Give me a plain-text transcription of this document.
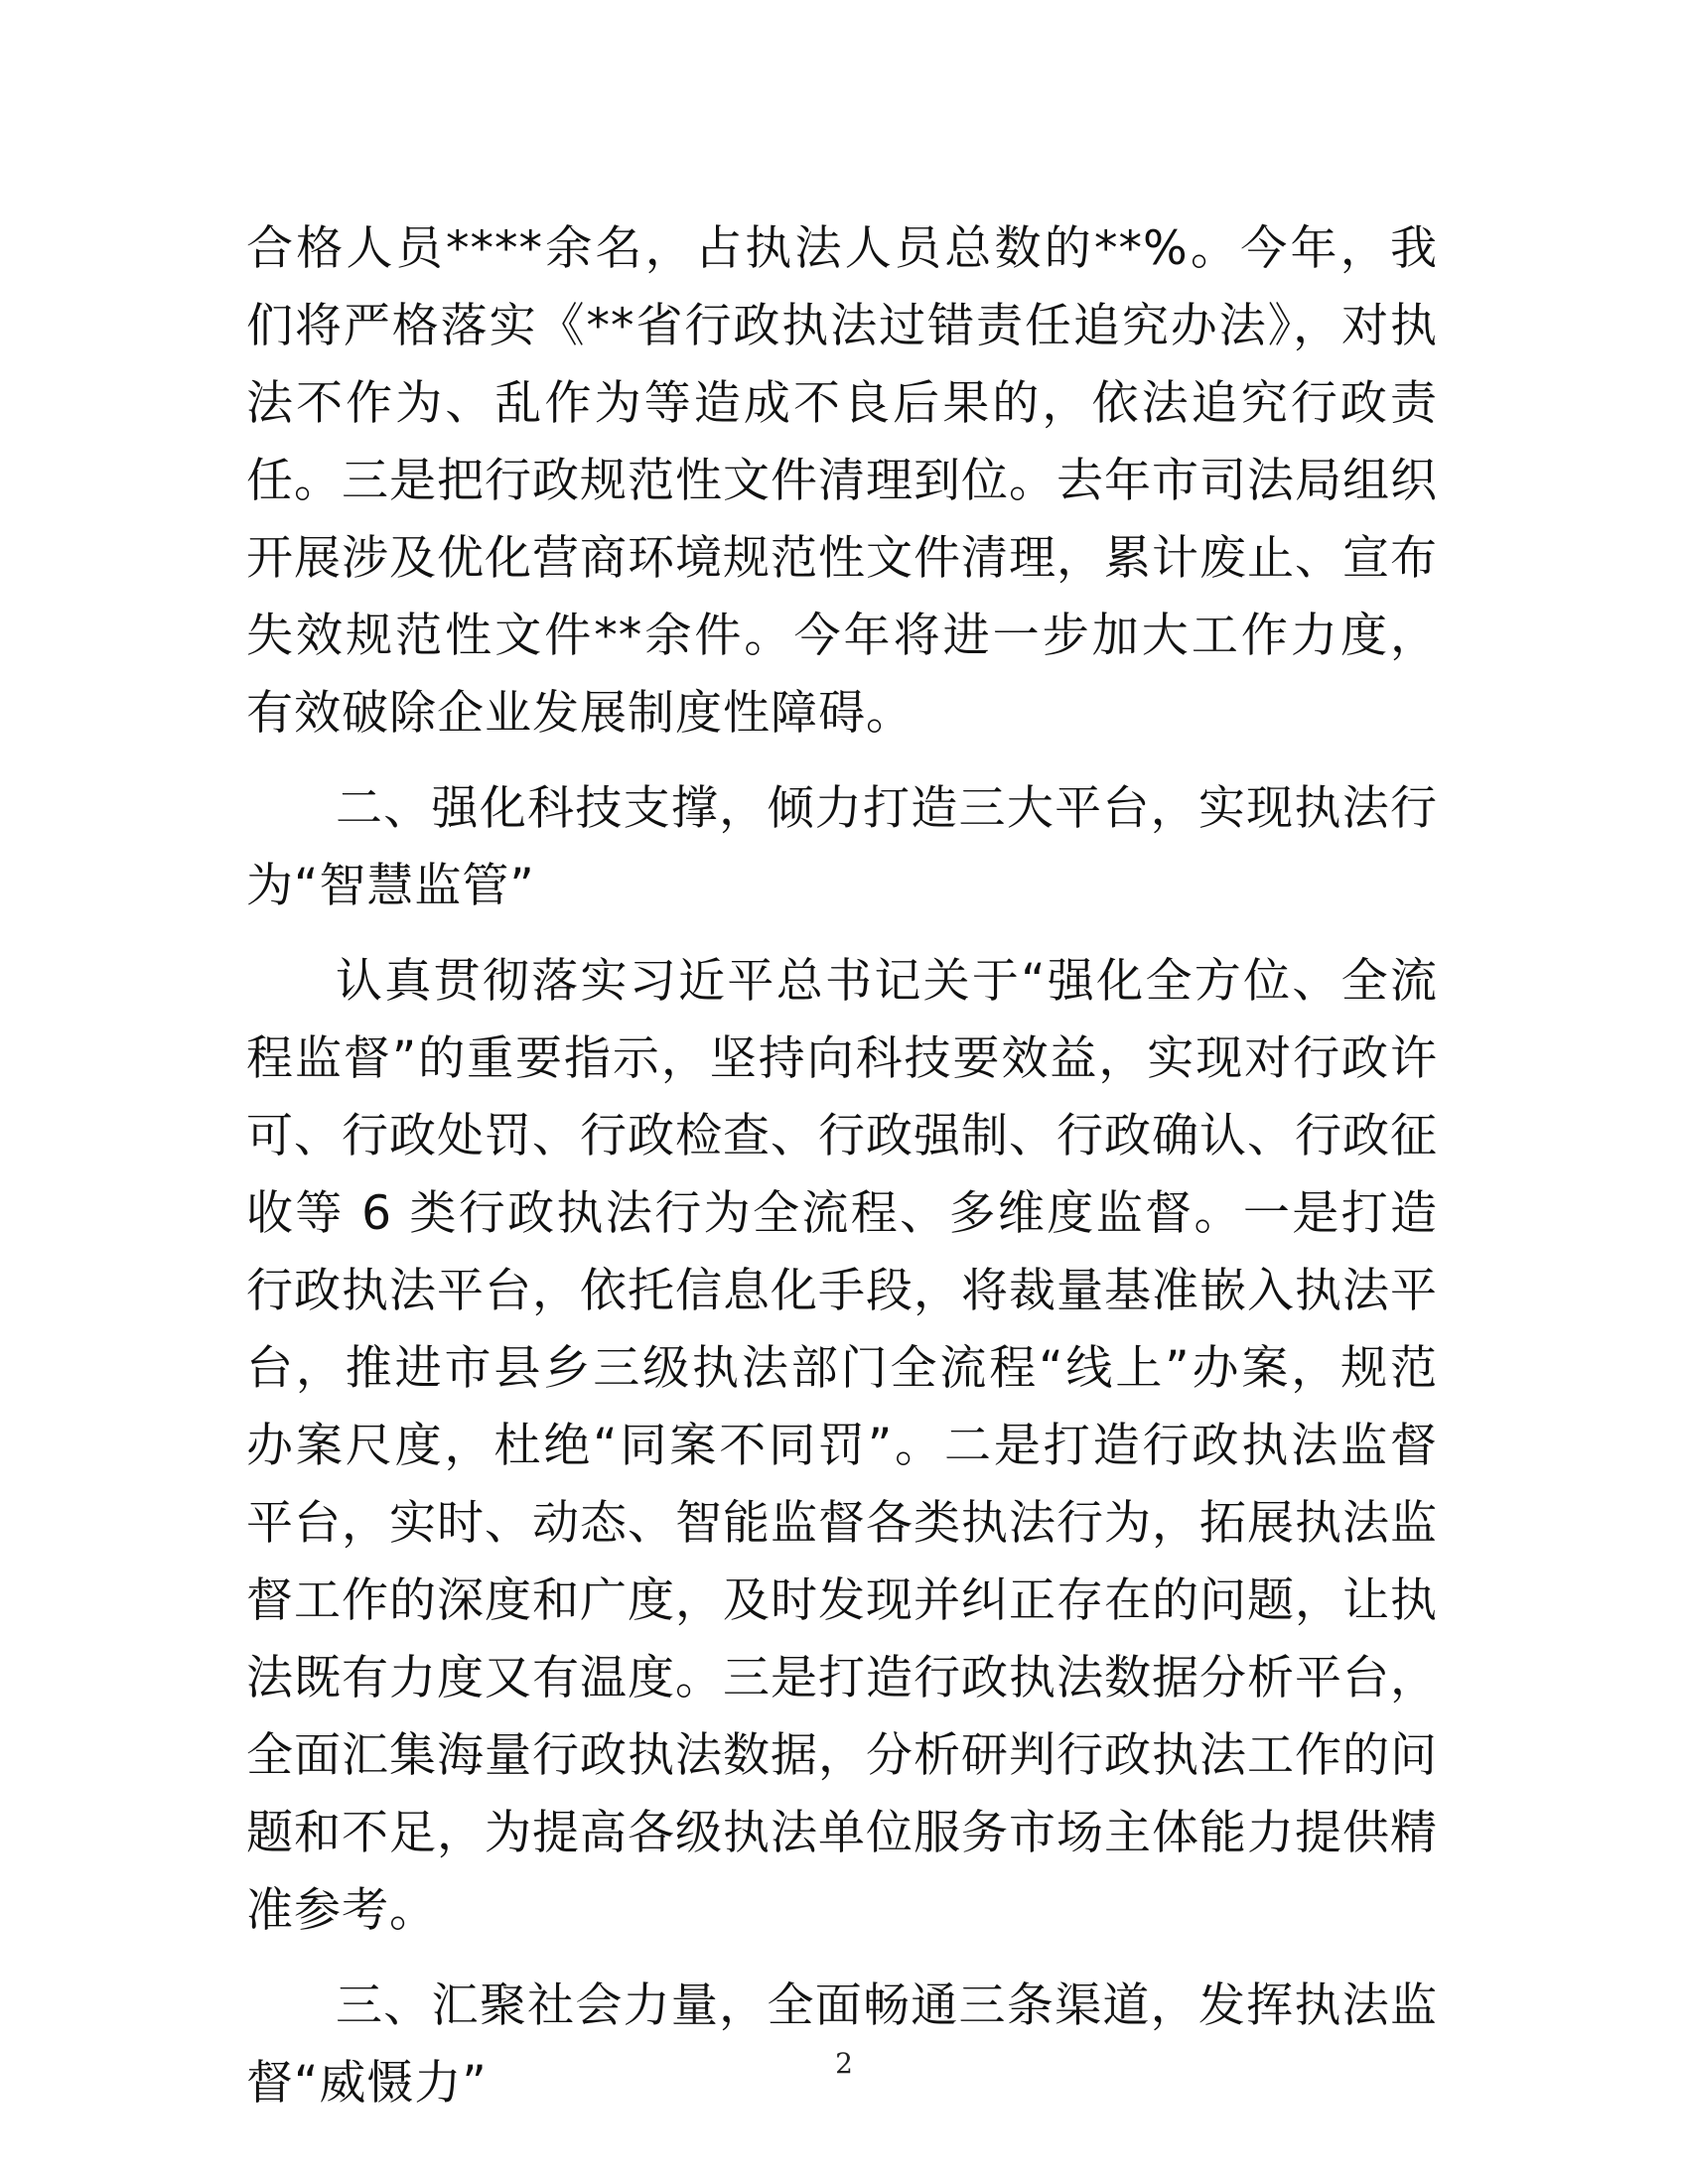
合格人员****余名，占执法人员总数的**%。今年，我们将严格落实《**省行政执法过错责任追究办法》，对执法不作为、乱作为等造成不良后果的，依法追究行政责任。三是把行政规范性文件清理到位。去年市司法局组织开展涉及优化营商环境规范性文件清理，累计废止、宣布失效规范性文件**余件。今年将进一步加大工作力度，有效破除企业发展制度性障碍。

二、强化科技支撑，倾力打造三大平台，实现执法行为“智慧监管”

认真贯彻落实习近平总书记关于“强化全方位、全流程监督”的重要指示，坚持向科技要效益，实现对行政许可、行政处罚、行政检查、行政强制、行政确认、行政征收等 6 类行政执法行为全流程、多维度监督。一是打造行政执法平台，依托信息化手段，将裁量基准嵌入执法平台，推进市县乡三级执法部门全流程“线上”办案，规范办案尺度，杜绝“同案不同罚”。二是打造行政执法监督平台，实时、动态、智能监督各类执法行为，拓展执法监督工作的深度和广度，及时发现并纠正存在的问题，让执法既有力度又有温度。三是打造行政执法数据分析平台，全面汇集海量行政执法数据，分析研判行政执法工作的问题和不足，为提高各级执法单位服务市场主体能力提供精准参考。

三、汇聚社会力量，全面畅通三条渠道，发挥执法监督“威慑力”	2
